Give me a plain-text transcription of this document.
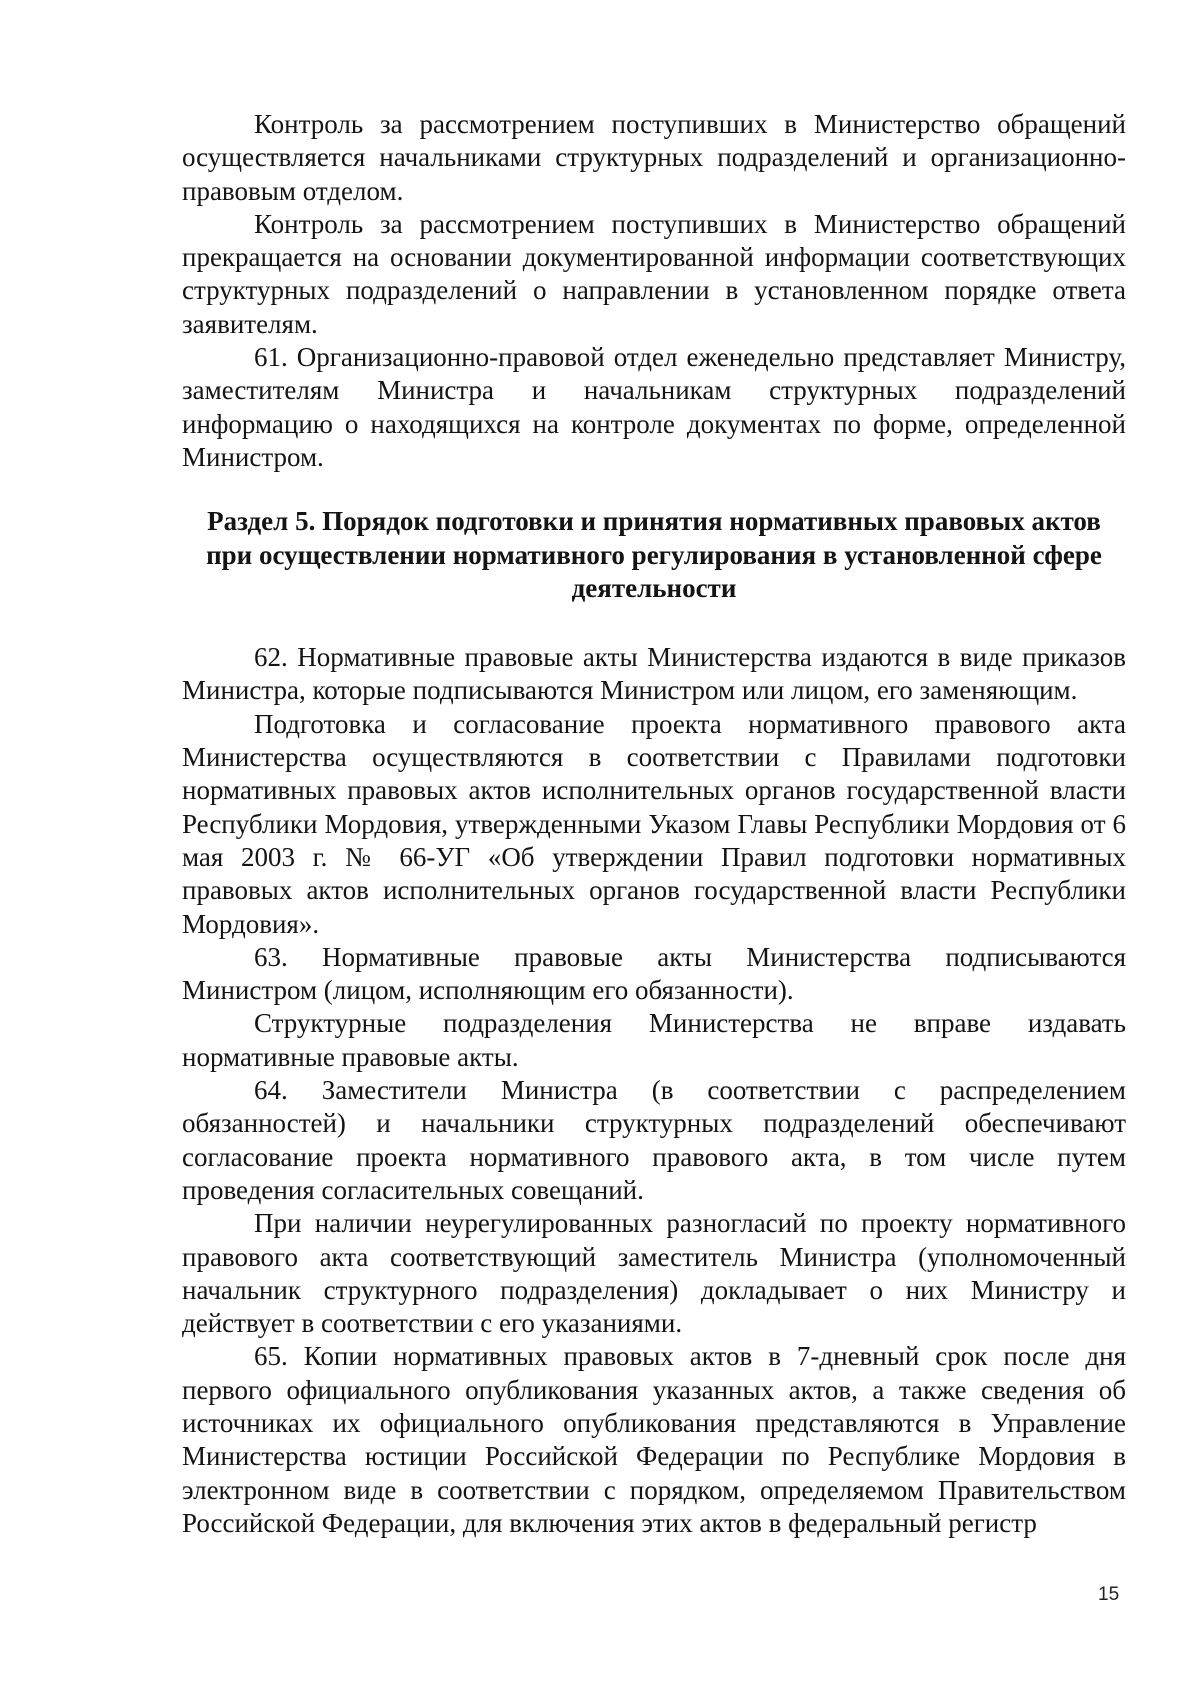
Контроль за рассмотрением поступивших в Министерство обращений осуществляется начальниками структурных подразделений и организационно-правовым отделом.

Контроль за рассмотрением поступивших в Министерство обращений прекращается на основании документированной информации соответствующих структурных подразделений о направлении в установленном порядке ответа заявителям.

61. Организационно-правовой отдел еженедельно представляет Министру, заместителям Министра и начальникам структурных подразделений информацию о находящихся на контроле документах по форме, определенной Министром.

Раздел 5. Порядок подготовки и принятия нормативных правовых актов при осуществлении нормативного регулирования в установленной сфере деятельности

62. Нормативные правовые акты Министерства издаются в виде приказов Министра, которые подписываются Министром или лицом, его заменяющим.

Подготовка и согласование проекта нормативного правового акта Министерства осуществляются в соответствии с Правилами подготовки нормативных правовых актов исполнительных органов государственной власти Республики Мордовия, утвержденными Указом Главы Республики Мордовия от 6 мая 2003 г. № 66-УГ «Об утверждении Правил подготовки нормативных правовых актов исполнительных органов государственной власти Республики Мордовия».

63. Нормативные правовые акты Министерства подписываются Министром (лицом, исполняющим его обязанности).

Структурные подразделения Министерства не вправе издавать нормативные правовые акты.

64. Заместители Министра (в соответствии с распределением обязанностей) и начальники структурных подразделений обеспечивают согласование проекта нормативного правового акта, в том числе путем проведения согласительных совещаний.

При наличии неурегулированных разногласий по проекту нормативного правового акта соответствующий заместитель Министра (уполномоченный начальник структурного подразделения) докладывает о них Министру и действует в соответствии с его указаниями.

65. Копии нормативных правовых актов в 7-дневный срок после дня первого официального опубликования указанных актов, а также сведения об источниках их официального опубликования представляются в Управление Министерства юстиции Российской Федерации по Республике Мордовия в электронном виде в соответствии с порядком, определяемом Правительством Российской Федерации, для включения этих актов в федеральный регистр

15
